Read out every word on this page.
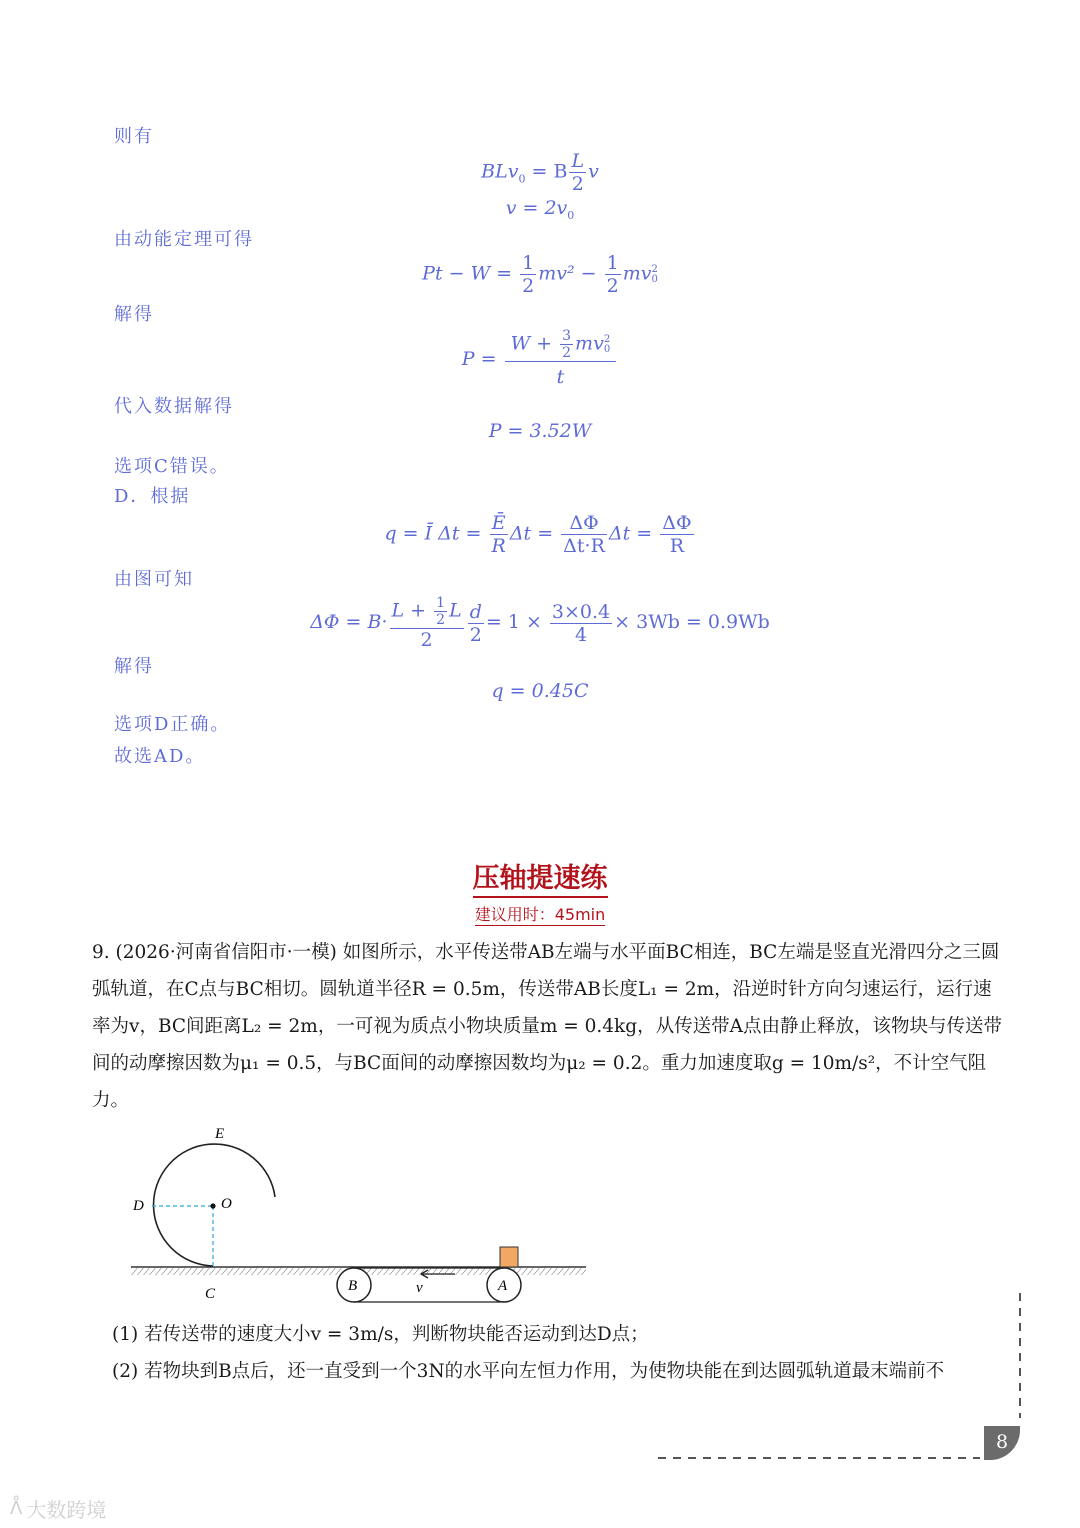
则有
BLv$_0$ = B $\frac{L}{2}$ v
$v = 2v_0$
由动能定理可得
$Pt - W = \frac{1}{2} mv^2 - \frac{1}{2}$ mv 2
0
解得
$P = W + \frac{3}{2}$ mv 2
0
t
代入数据解得
P = 3.52W
选项C错误。
D．根据
q = Ī $\Delta t = \frac{Ē}{R}$ $\Delta t = \frac{\Delta\Phi}{\Delta t\cdot R}$ $\Delta t = \frac{\Delta\Phi}{R}$
由图可知
$\Delta\Phi = B\cdot \frac{L + \frac{1}{2} L}{2} \frac{d}{2} = 1 \times \frac{3\times 0.4}{4} \times 3Wb = 0.9Wb$
解得
q = 0.45C
选项D正确。
故选AD。
压轴提速练
建议用时：45min
9. (2026·河南省信阳市·一模) 如图所示，水平传送带AB左端与水平面BC相连，BC左端是竖直光滑四分之三圆弧轨道，在C点与BC相切。圆轨道半径R = 0.5m，传送带AB长度L₁ = 2m，沿逆时针方向匀速运行，运行速率为v，BC间距离L₂ = 2m，一可视为质点小物块质量m = 0.4kg，从传送带A点由静止释放，该物块与传送带间的动摩擦因数为μ₁ = 0.5，与BC面间的动摩擦因数均为μ₂ = 0.2。重力加速度取g = 10m/s²，不计空气阻力。
E
D	O
C	B	v	A
(1) 若传送带的速度大小v = 3m/s，判断物块能否运动到达D点；
(2) 若物块到B点后，还一直受到一个3N的水平向左恒力作用，为使物块能在到达圆弧轨道最末端前不
8
ᐰ 大数跨境
